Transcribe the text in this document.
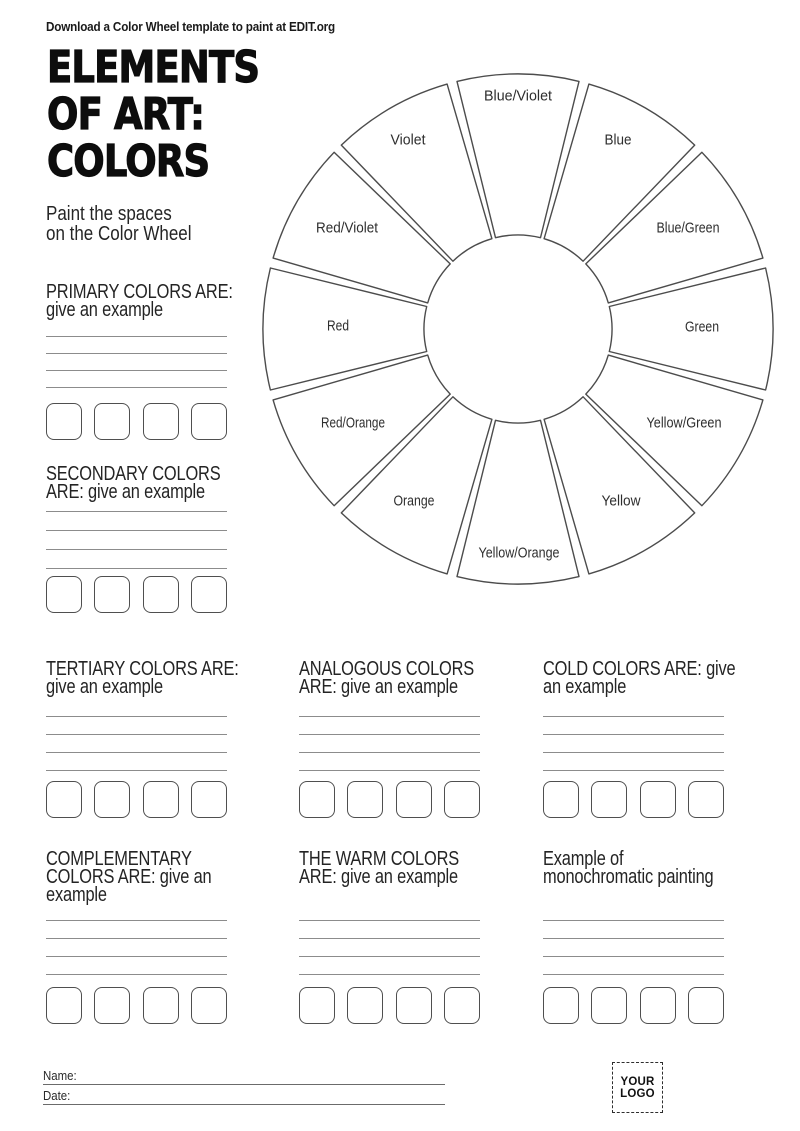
Blue/Violet
Blue
Blue/Green
Green
Yellow/Green
Yellow
Yellow/Orange
Orange
Red/Orange
Red
Red/Violet
Violet
Download a Color Wheel template to paint at EDIT.org
ELEMENTS
OF ART:
COLORS
Paint the spaces
on the Color Wheel
PRIMARY COLORS ARE:
give an example
SECONDARY COLORS
ARE: give an example
TERTIARY COLORS ARE:
give an example
ANALOGOUS COLORS
ARE: give an example
COLD COLORS ARE: give
an example
COMPLEMENTARY
COLORS ARE: give an
example
THE WARM COLORS
ARE: give an example
Example of
monochromatic painting
Name:
Date:
YOUR
LOGO
